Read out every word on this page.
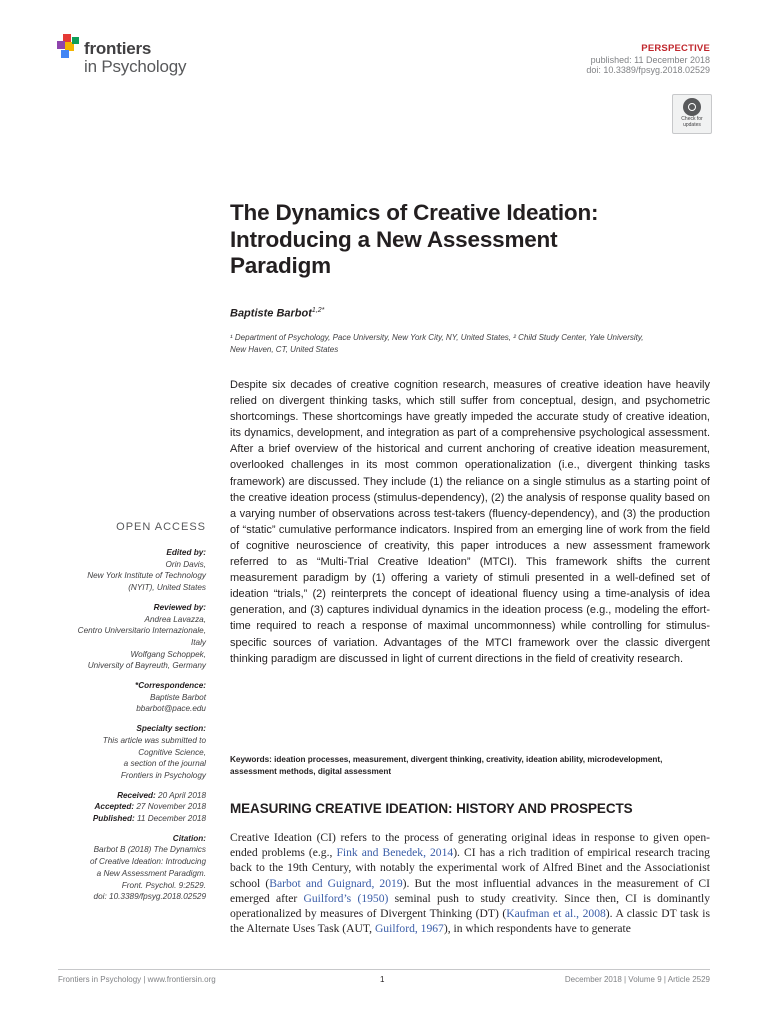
frontiers
in Psychology
PERSPECTIVE
published: 11 December 2018
doi: 10.3389/fpsyg.2018.02529
Check for
updates
The Dynamics of Creative Ideation:
Introducing a New Assessment
Paradigm
Baptiste Barbot$^{1,2*}$
¹ Department of Psychology, Pace University, New York City, NY, United States, ² Child Study Center, Yale University,
New Haven, CT, United States
Despite six decades of creative cognition research, measures of creative ideation have heavily relied on divergent thinking tasks, which still suffer from conceptual, design, and psychometric shortcomings. These shortcomings have greatly impeded the accurate study of creative ideation, its dynamics, development, and integration as part of a comprehensive psychological assessment. After a brief overview of the historical and current anchoring of creative ideation measurement, overlooked challenges in its most common operationalization (i.e., divergent thinking tasks framework) are discussed. They include (1) the reliance on a single stimulus as a starting point of the creative ideation process (stimulus-dependency), (2) the analysis of response quality based on a varying number of observations across test-takers (fluency-dependency), and (3) the production of “static” cumulative performance indicators. Inspired from an emerging line of work from the field of cognitive neuroscience of creativity, this paper introduces a new assessment framework referred to as “Multi-Trial Creative Ideation” (MTCI). This framework shifts the current measurement paradigm by (1) offering a variety of stimuli presented in a well-defined set of ideation “trials,” (2) reinterprets the concept of ideational fluency using a time-analysis of idea generation, and (3) captures individual dynamics in the ideation process (e.g., modeling the effort-time required to reach a response of maximal uncommonness) while controlling for stimulus-specific sources of variation. Advantages of the MTCI framework over the classic divergent thinking paradigm are discussed in light of current directions in the field of creativity research.
Keywords: ideation processes, measurement, divergent thinking, creativity, ideation ability, microdevelopment, assessment methods, digital assessment
MEASURING CREATIVE IDEATION: HISTORY AND PROSPECTS
Creative Ideation (CI) refers to the process of generating original ideas in response to given open-ended problems (e.g., Fink and Benedek, 2014). CI has a rich tradition of empirical research tracing back to the 19th Century, with notably the experimental work of Alfred Binet and the Associationist school (Barbot and Guignard, 2019). But the most influential advances in the measurement of CI emerged after Guilford’s (1950) seminal push to study creativity. Since then, CI is dominantly operationalized by measures of Divergent Thinking (DT) (Kaufman et al., 2008). A classic DT task is the Alternate Uses Task (AUT, Guilford, 1967), in which respondents have to generate
OPEN ACCESS
Edited by:
Orin Davis,
New York Institute of Technology
(NYIT), United States
Reviewed by:
Andrea Lavazza,
Centro Universitario Internazionale,
Italy
Wolfgang Schoppek,
University of Bayreuth, Germany
*Correspondence:
Baptiste Barbot
bbarbot@pace.edu
Specialty section:
This article was submitted to
Cognitive Science,
a section of the journal
Frontiers in Psychology
Received: 20 April 2018
Accepted: 27 November 2018
Published: 11 December 2018
Citation:
Barbot B (2018) The Dynamics
of Creative Ideation: Introducing
a New Assessment Paradigm.
Front. Psychol. 9:2529.
doi: 10.3389/fpsyg.2018.02529
Frontiers in Psychology | www.frontiersin.org	1	December 2018 | Volume 9 | Article 2529
